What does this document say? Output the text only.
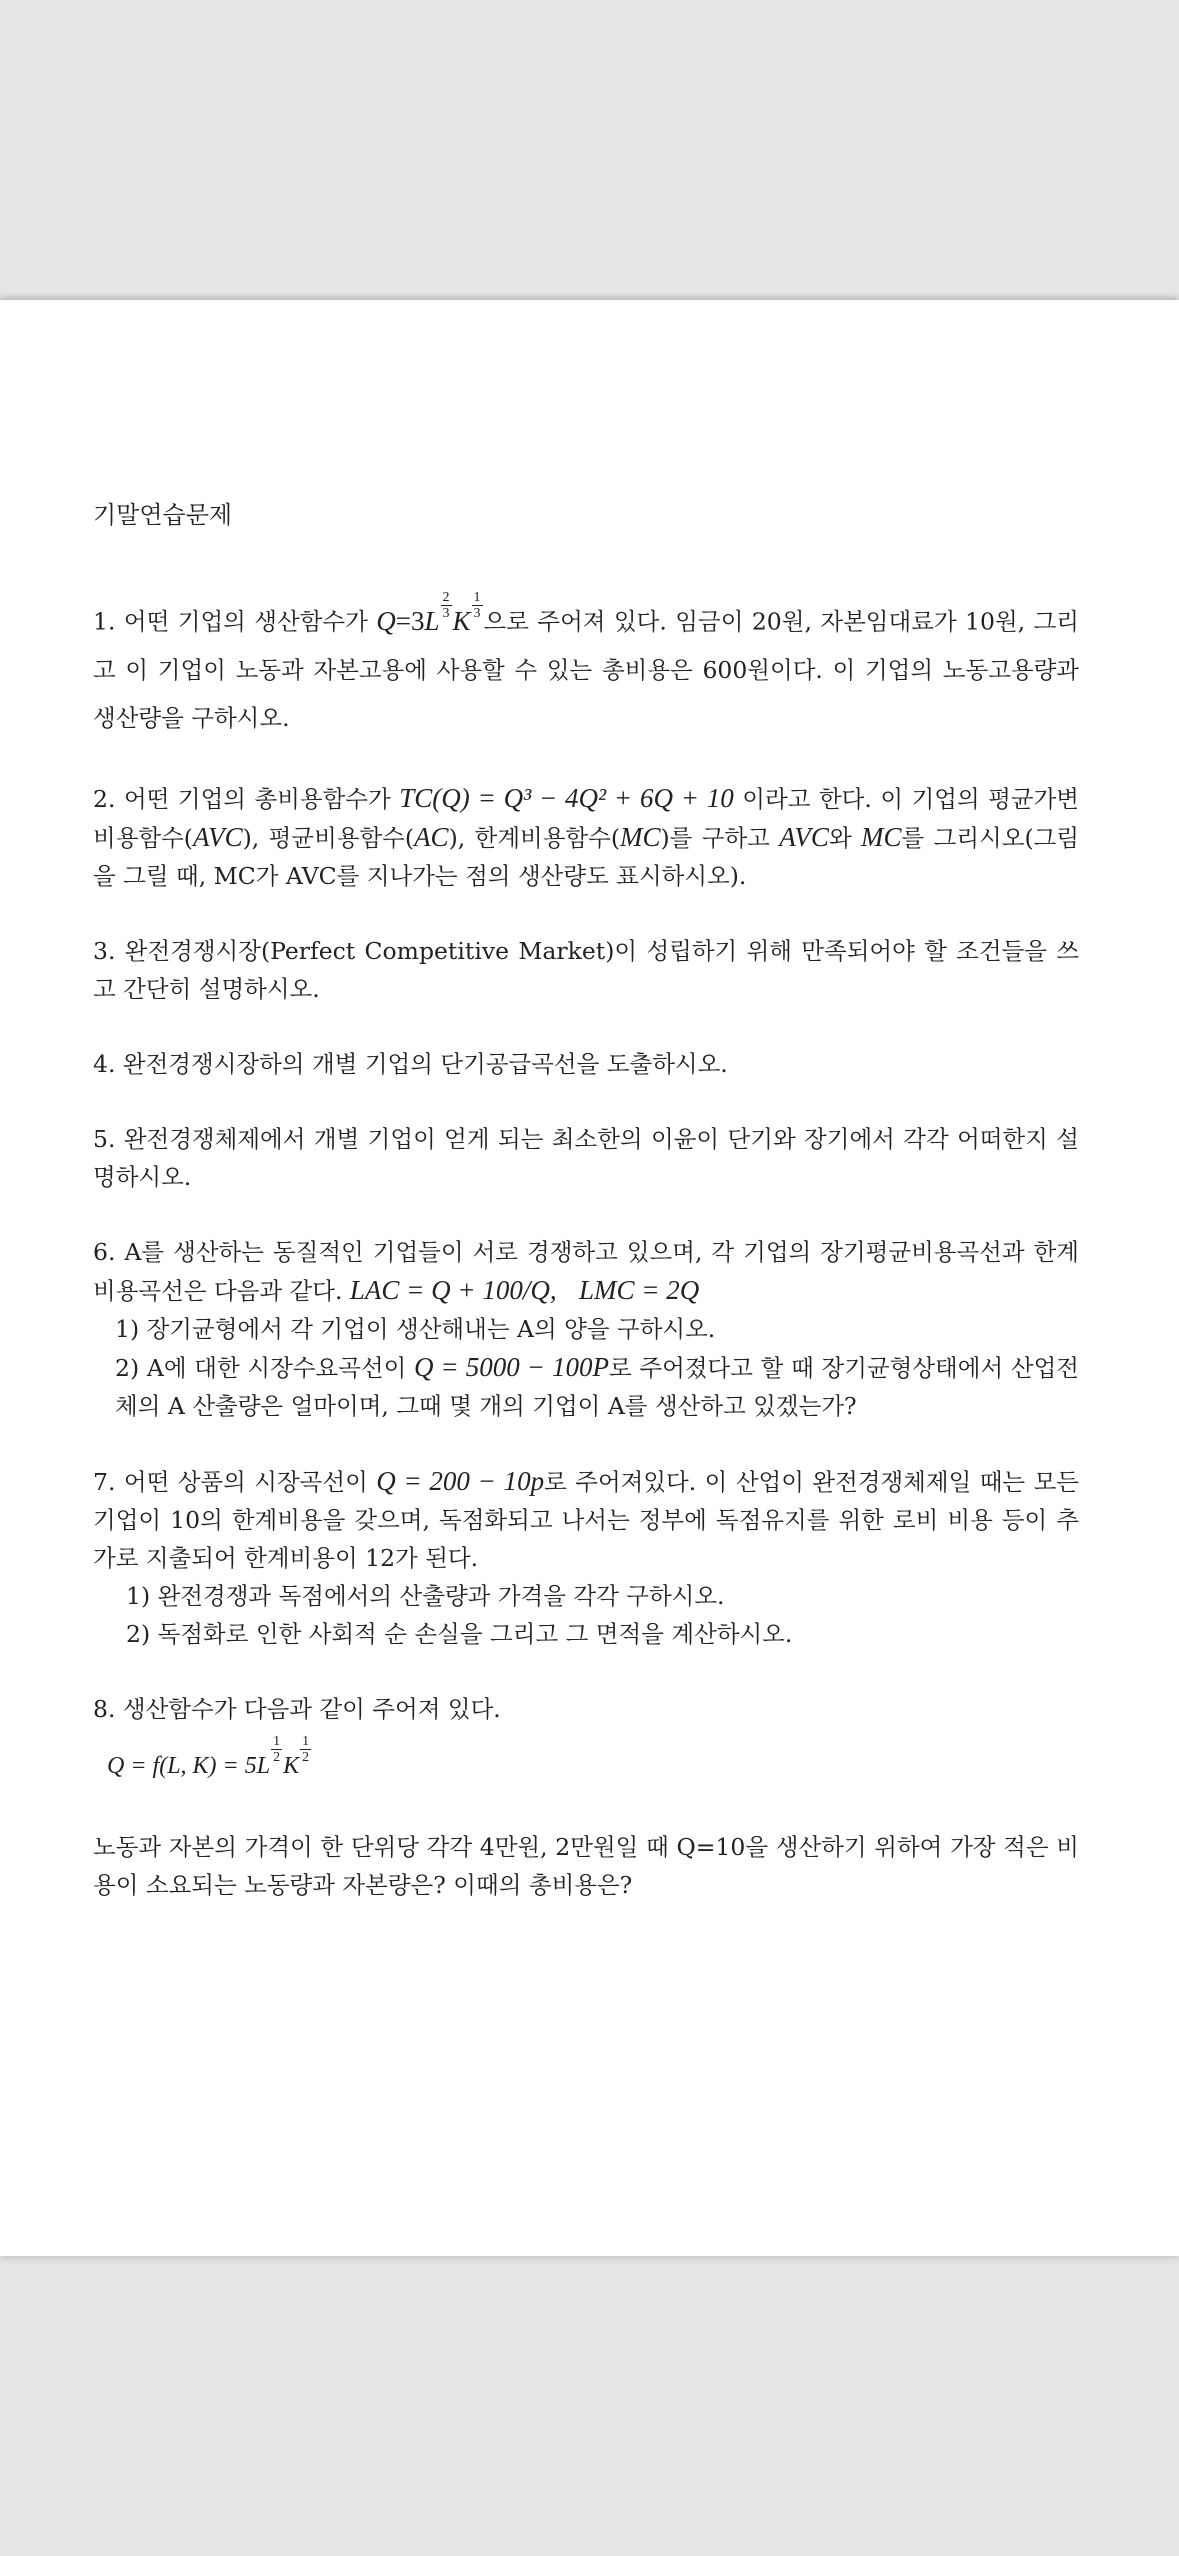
기말연습문제

1. 어떤 기업의 생산함수가 $Q=3L \frac{2}{3}$ K $\frac{1}{3}$
으로 주어져 있다. 임금이 20원, 자본임대료가 10원, 그리고 이 기업이 노동과 자본고용에 사용할 수 있는 총비용은 600원이다. 이 기업의 노동고용량과 생산량을 구하시오.

2. 어떤 기업의 총비용함수가 TC(Q) = Q³ − 4Q² + 6Q + 10 이라고 한다. 이 기업의 평균가변비용함수(AVC), 평균비용함수(AC), 한계비용함수(MC)를 구하고 AVC와 MC를 그리시오(그림을 그릴 때, MC가 AVC를 지나가는 점의 생산량도 표시하시오).

3. 완전경쟁시장(Perfect Competitive Market)이 성립하기 위해 만족되어야 할 조건들을 쓰고 간단히 설명하시오.

4. 완전경쟁시장하의 개별 기업의 단기공급곡선을 도출하시오.

5. 완전경쟁체제에서 개별 기업이 얻게 되는 최소한의 이윤이 단기와 장기에서 각각 어떠한지 설명하시오.

6. A를 생산하는 동질적인 기업들이 서로 경쟁하고 있으며, 각 기업의 장기평균비용곡선과 한계비용곡선은 다음과 같다. LAC = Q + 100/Q, LMC = 2Q

1) 장기균형에서 각 기업이 생산해내는 A의 양을 구하시오.

2) A에 대한 시장수요곡선이 Q = 5000 − 100P로 주어졌다고 할 때 장기균형상태에서 산업전체의 A 산출량은 얼마이며, 그때 몇 개의 기업이 A를 생산하고 있겠는가?

7. 어떤 상품의 시장곡선이 Q = 200 − 10p로 주어져있다. 이 산업이 완전경쟁체제일 때는 모든 기업이 10의 한계비용을 갖으며, 독점화되고 나서는 정부에 독점유지를 위한 로비 비용 등이 추가로 지출되어 한계비용이 12가 된다.

1) 완전경쟁과 독점에서의 산출량과 가격을 각각 구하시오.

2) 독점화로 인한 사회적 순 손실을 그리고 그 면적을 계산하시오.

8. 생산함수가 다음과 같이 주어져 있다.

Q = f(L, K) = 5L
$\frac{1}{2}$
K
$\frac{1}{2}$

노동과 자본의 가격이 한 단위당 각각 4만원, 2만원일 때 Q=10을 생산하기 위하여 가장 적은 비용이 소요되는 노동량과 자본량은? 이때의 총비용은?
